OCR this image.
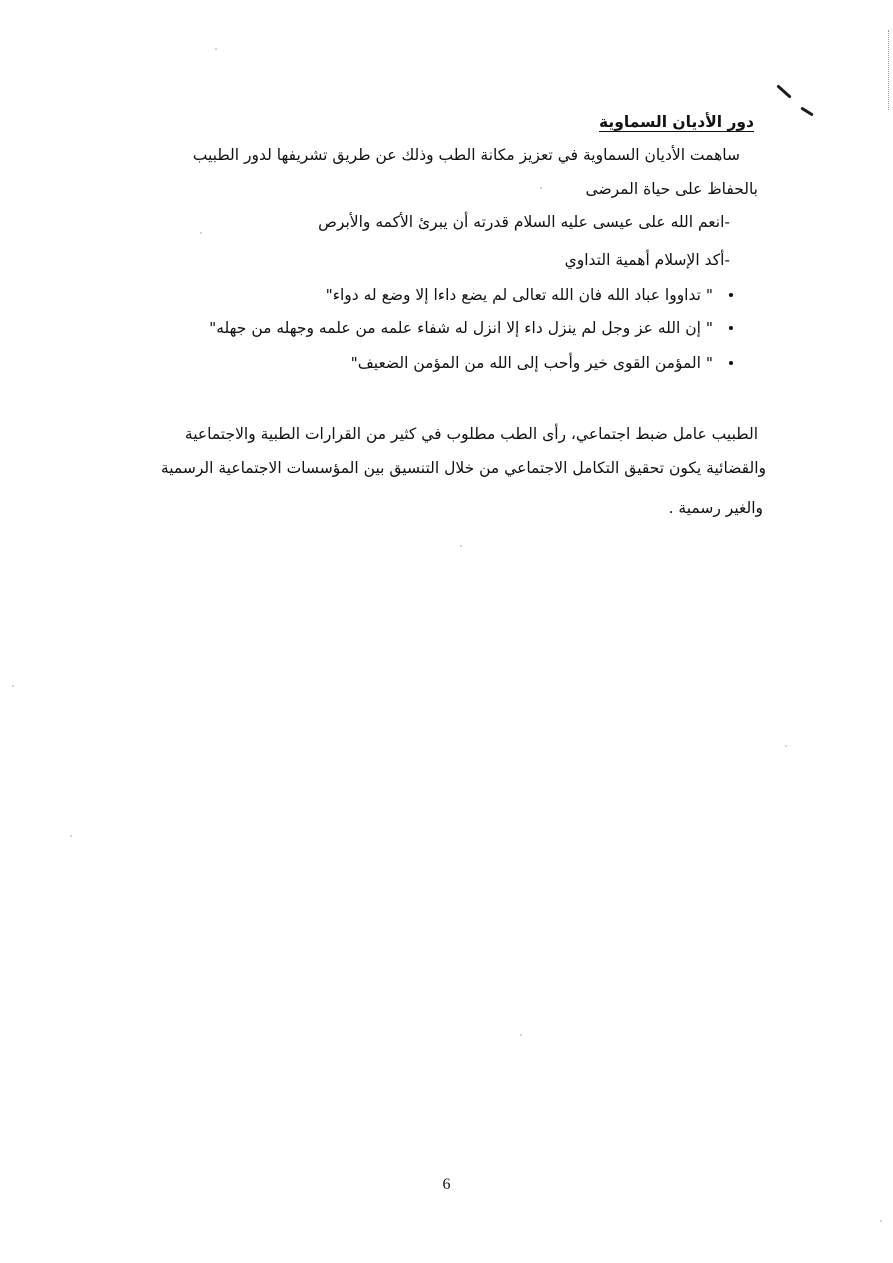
دور الأديان السماوية
ساهمت الأديان السماوية في تعزيز مكانة الطب وذلك عن طريق تشريفها لدور الطبيب
بالحفاظ على حياة المرضى
-انعم الله على عيسى عليه السلام قدرته أن يبرئ الأكمه والأبرص
-أكد الإسلام أهمية التداوي
" تداووا عباد الله فان الله تعالى لم يضع داءا إلا وضع له دواء"
" إن الله عز وجل لم ينزل داء إلا انزل له شفاء علمه من علمه وجهله من جهله"
" المؤمن القوى خير وأحب إلى الله من المؤمن الضعيف"
الطبيب عامل ضبط اجتماعي، رأى الطب مطلوب في كثير من القرارات الطبية والاجتماعية
والقضائية يكون تحقيق التكامل الاجتماعي من خلال التنسيق بين المؤسسات الاجتماعية الرسمية
والغير رسمية .
6
